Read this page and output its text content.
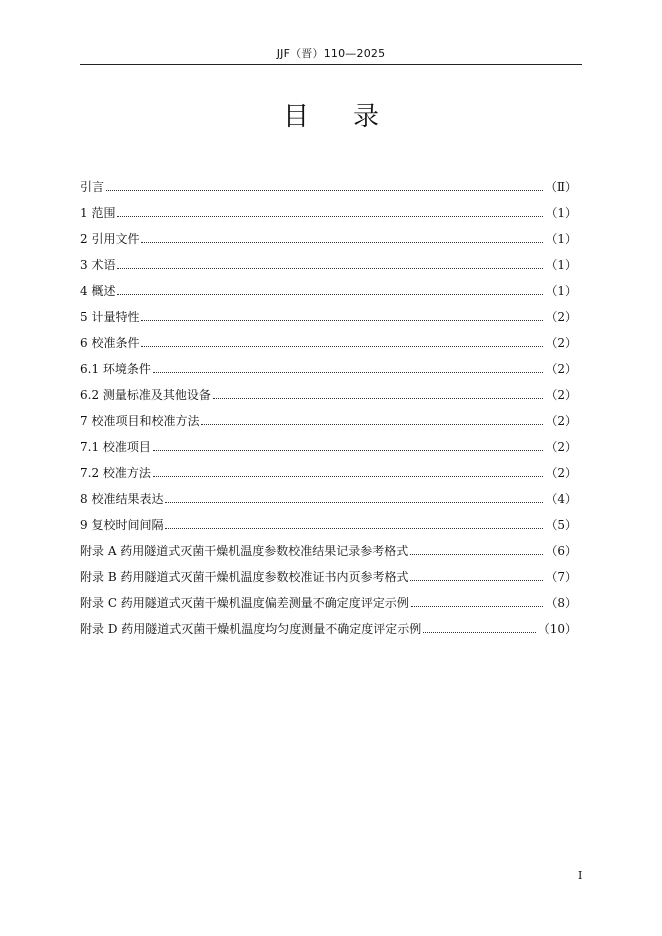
JJF（晋）110—2025
目录
引言	（Ⅱ）
1 范围	（1）
2 引用文件	（1）
3 术语	（1）
4 概述	（1）
5 计量特性	（2）
6 校准条件	（2）
6.1 环境条件	（2）
6.2 测量标准及其他设备	（2）
7 校准项目和校准方法	（2）
7.1 校准项目	（2）
7.2 校准方法	（2）
8 校准结果表达	（4）
9 复校时间间隔	（5）
附录 A 药用隧道式灭菌干燥机温度参数校准结果记录参考格式	（6）
附录 B 药用隧道式灭菌干燥机温度参数校准证书内页参考格式	（7）
附录 C 药用隧道式灭菌干燥机温度偏差测量不确定度评定示例	（8）
附录 D 药用隧道式灭菌干燥机温度均匀度测量不确定度评定示例	（10）
I
